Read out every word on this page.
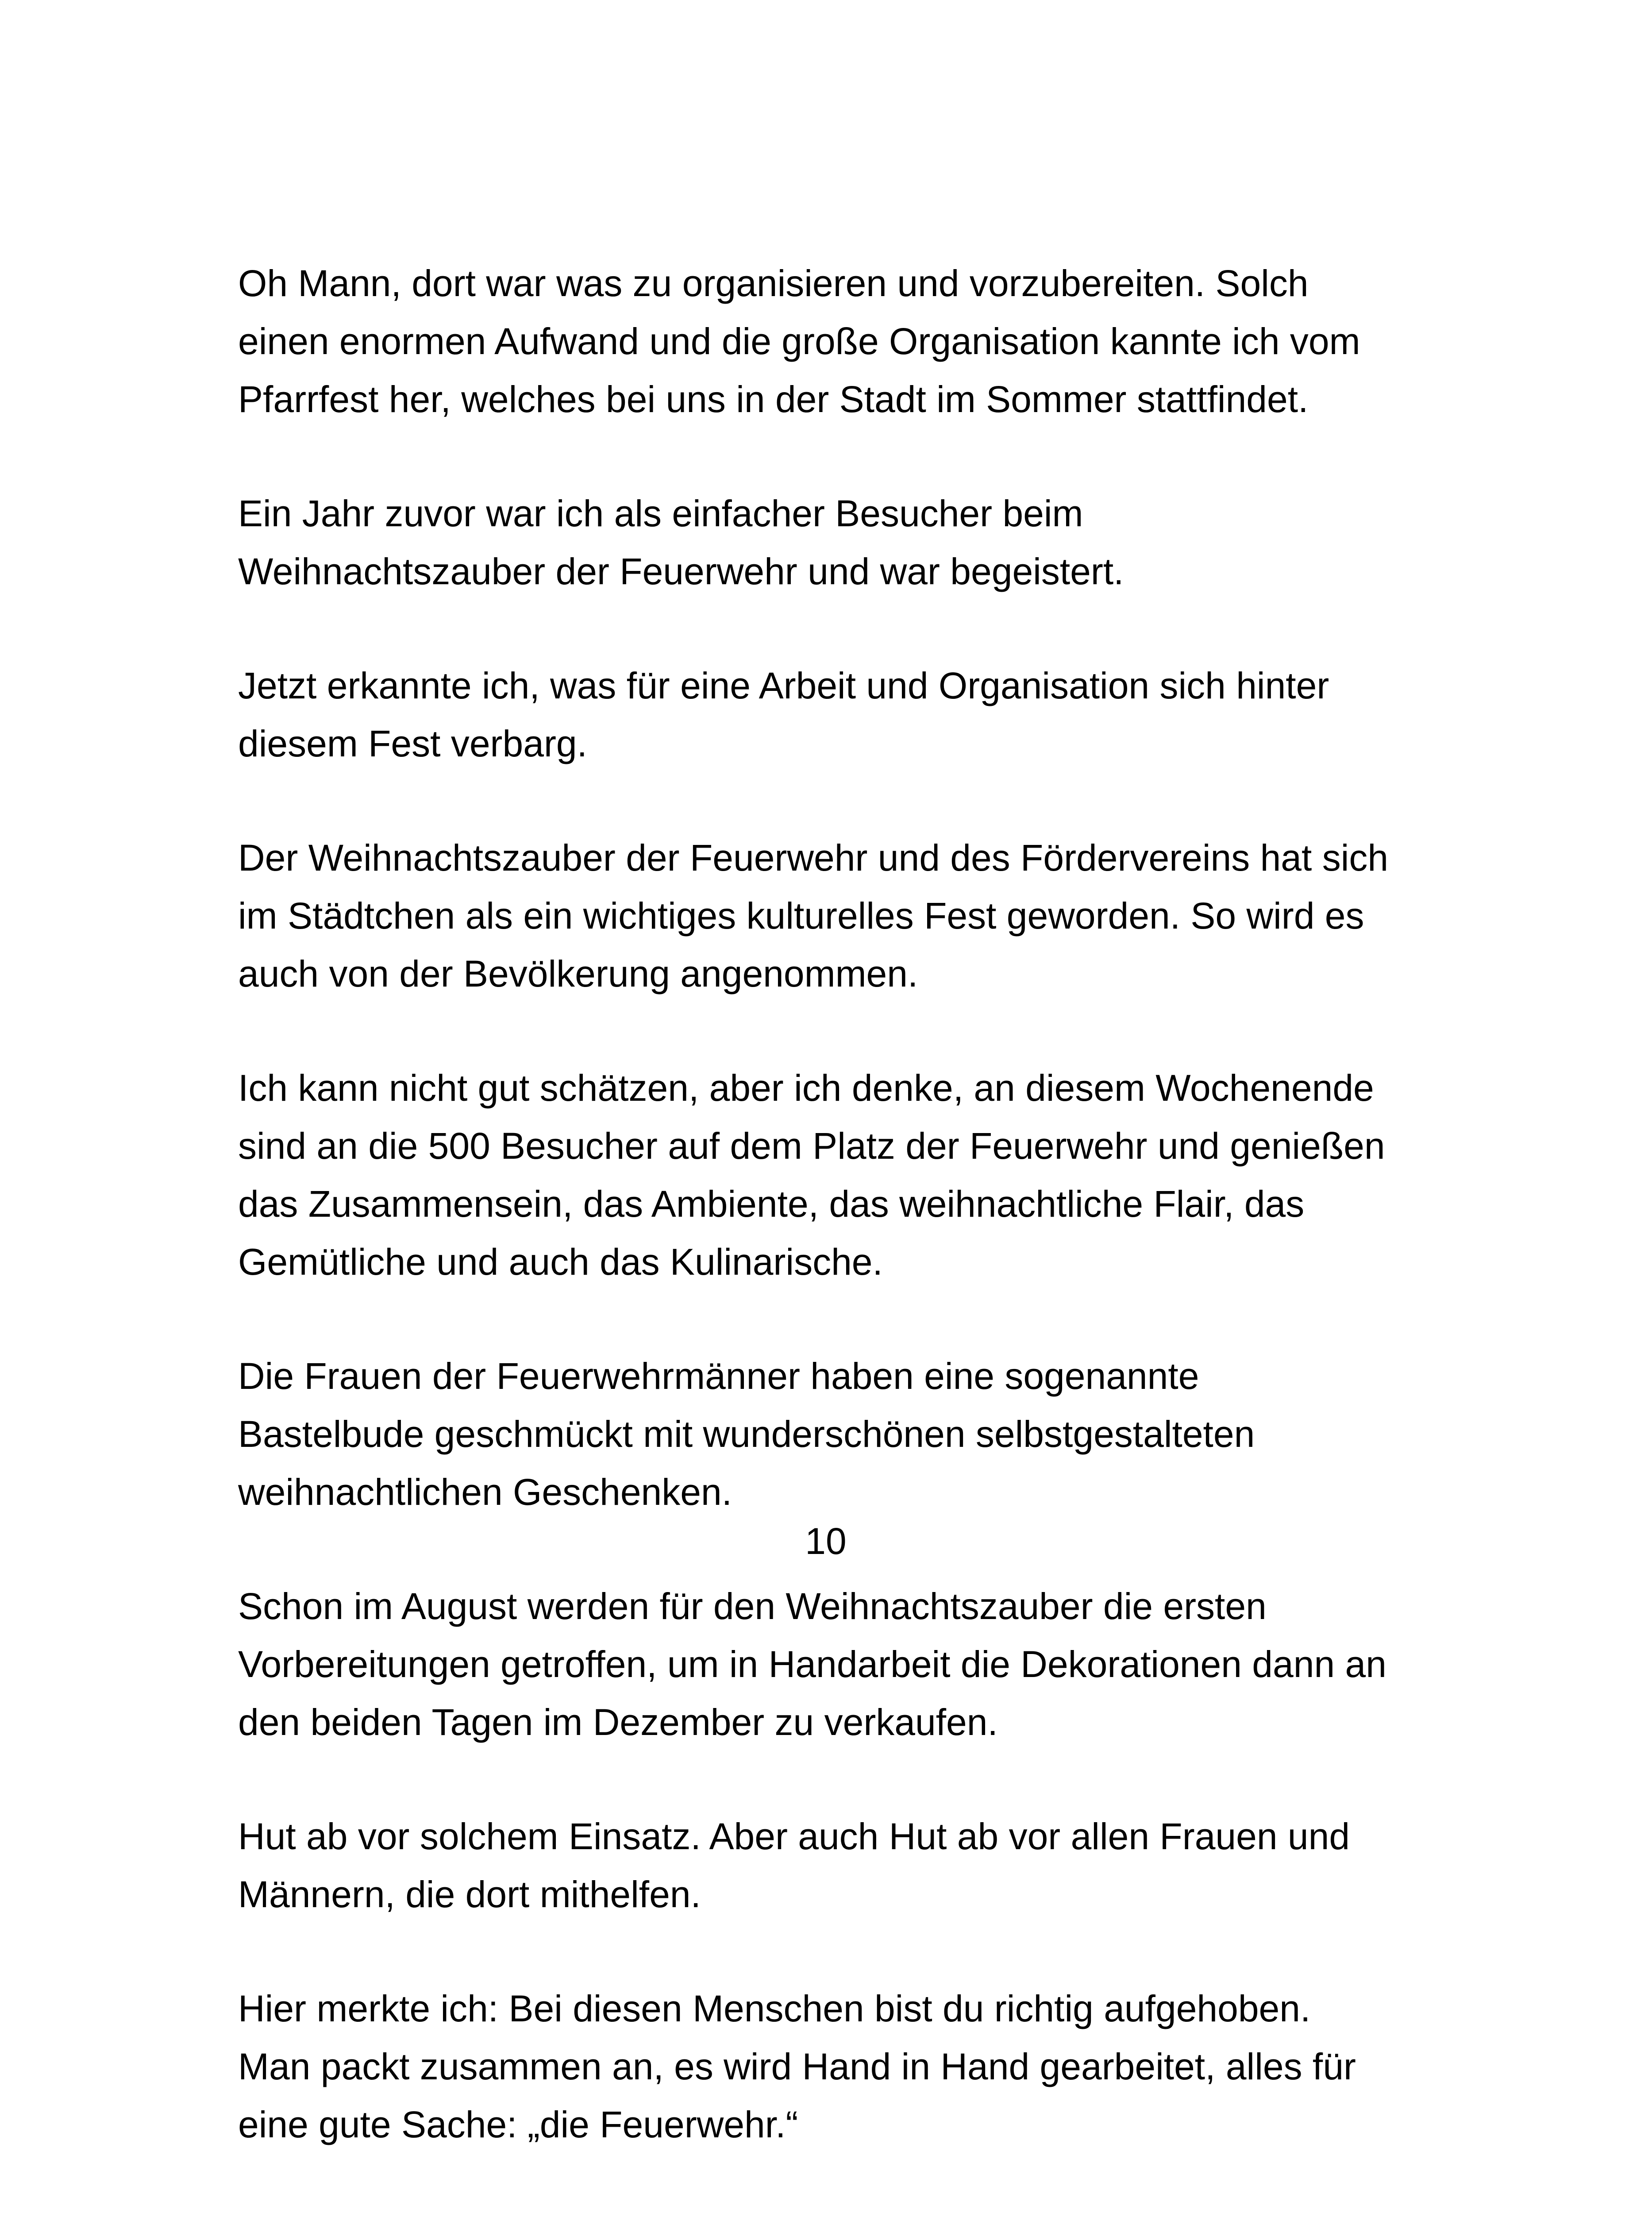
Oh Mann, dort war was zu organisieren und vorzubereiten. Solch
einen enormen Aufwand und die große Organisation kannte ich vom
Pfarrfest her, welches bei uns in der Stadt im Sommer stattfindet.

Ein Jahr zuvor war ich als einfacher Besucher beim
Weihnachtszauber der Feuerwehr und war begeistert.

Jetzt erkannte ich, was für eine Arbeit und Organisation sich hinter
diesem Fest verbarg.

Der Weihnachtszauber der Feuerwehr und des Fördervereins hat sich
im Städtchen als ein wichtiges kulturelles Fest geworden. So wird es
auch von der Bevölkerung angenommen.

Ich kann nicht gut schätzen, aber ich denke, an diesem Wochenende
sind an die 500 Besucher auf dem Platz der Feuerwehr und genießen
das Zusammensein, das Ambiente, das weihnachtliche Flair, das
Gemütliche und auch das Kulinarische.

Die Frauen der Feuerwehrmänner haben eine sogenannte
Bastelbude geschmückt mit wunderschönen selbstgestalteten
weihnachtlichen Geschenken.

Schon im August werden für den Weihnachtszauber die ersten
Vorbereitungen getroffen, um in Handarbeit die Dekorationen dann an
den beiden Tagen im Dezember zu verkaufen.

Hut ab vor solchem Einsatz. Aber auch Hut ab vor allen Frauen und
Männern, die dort mithelfen.

Hier merkte ich: Bei diesen Menschen bist du richtig aufgehoben.
Man packt zusammen an, es wird Hand in Hand gearbeitet, alles für
eine gute Sache: „die Feuerwehr.“

10
